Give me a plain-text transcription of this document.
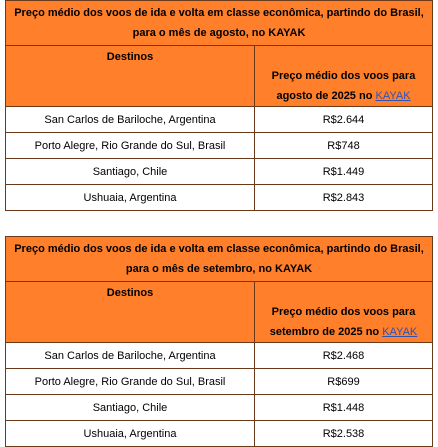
Preço médio dos voos de ida e volta em classe econômica, partindo do Brasil, para o mês de agosto, no KAYAK	
Destinos	Preço médio dos voos para agosto de 2025 no KAYAK
San Carlos de Bariloche, Argentina	R$2.644
Porto Alegre, Rio Grande do Sul, Brasil	R$748
Santiago, Chile	R$1.449
Ushuaia, Argentina	R$2.843
Preço médio dos voos de ida e volta em classe econômica, partindo do Brasil, para o mês de setembro, no KAYAK	
Destinos	Preço médio dos voos para setembro de 2025 no KAYAK
San Carlos de Bariloche, Argentina	R$2.468
Porto Alegre, Rio Grande do Sul, Brasil	R$699
Santiago, Chile	R$1.448
Ushuaia, Argentina	R$2.538
